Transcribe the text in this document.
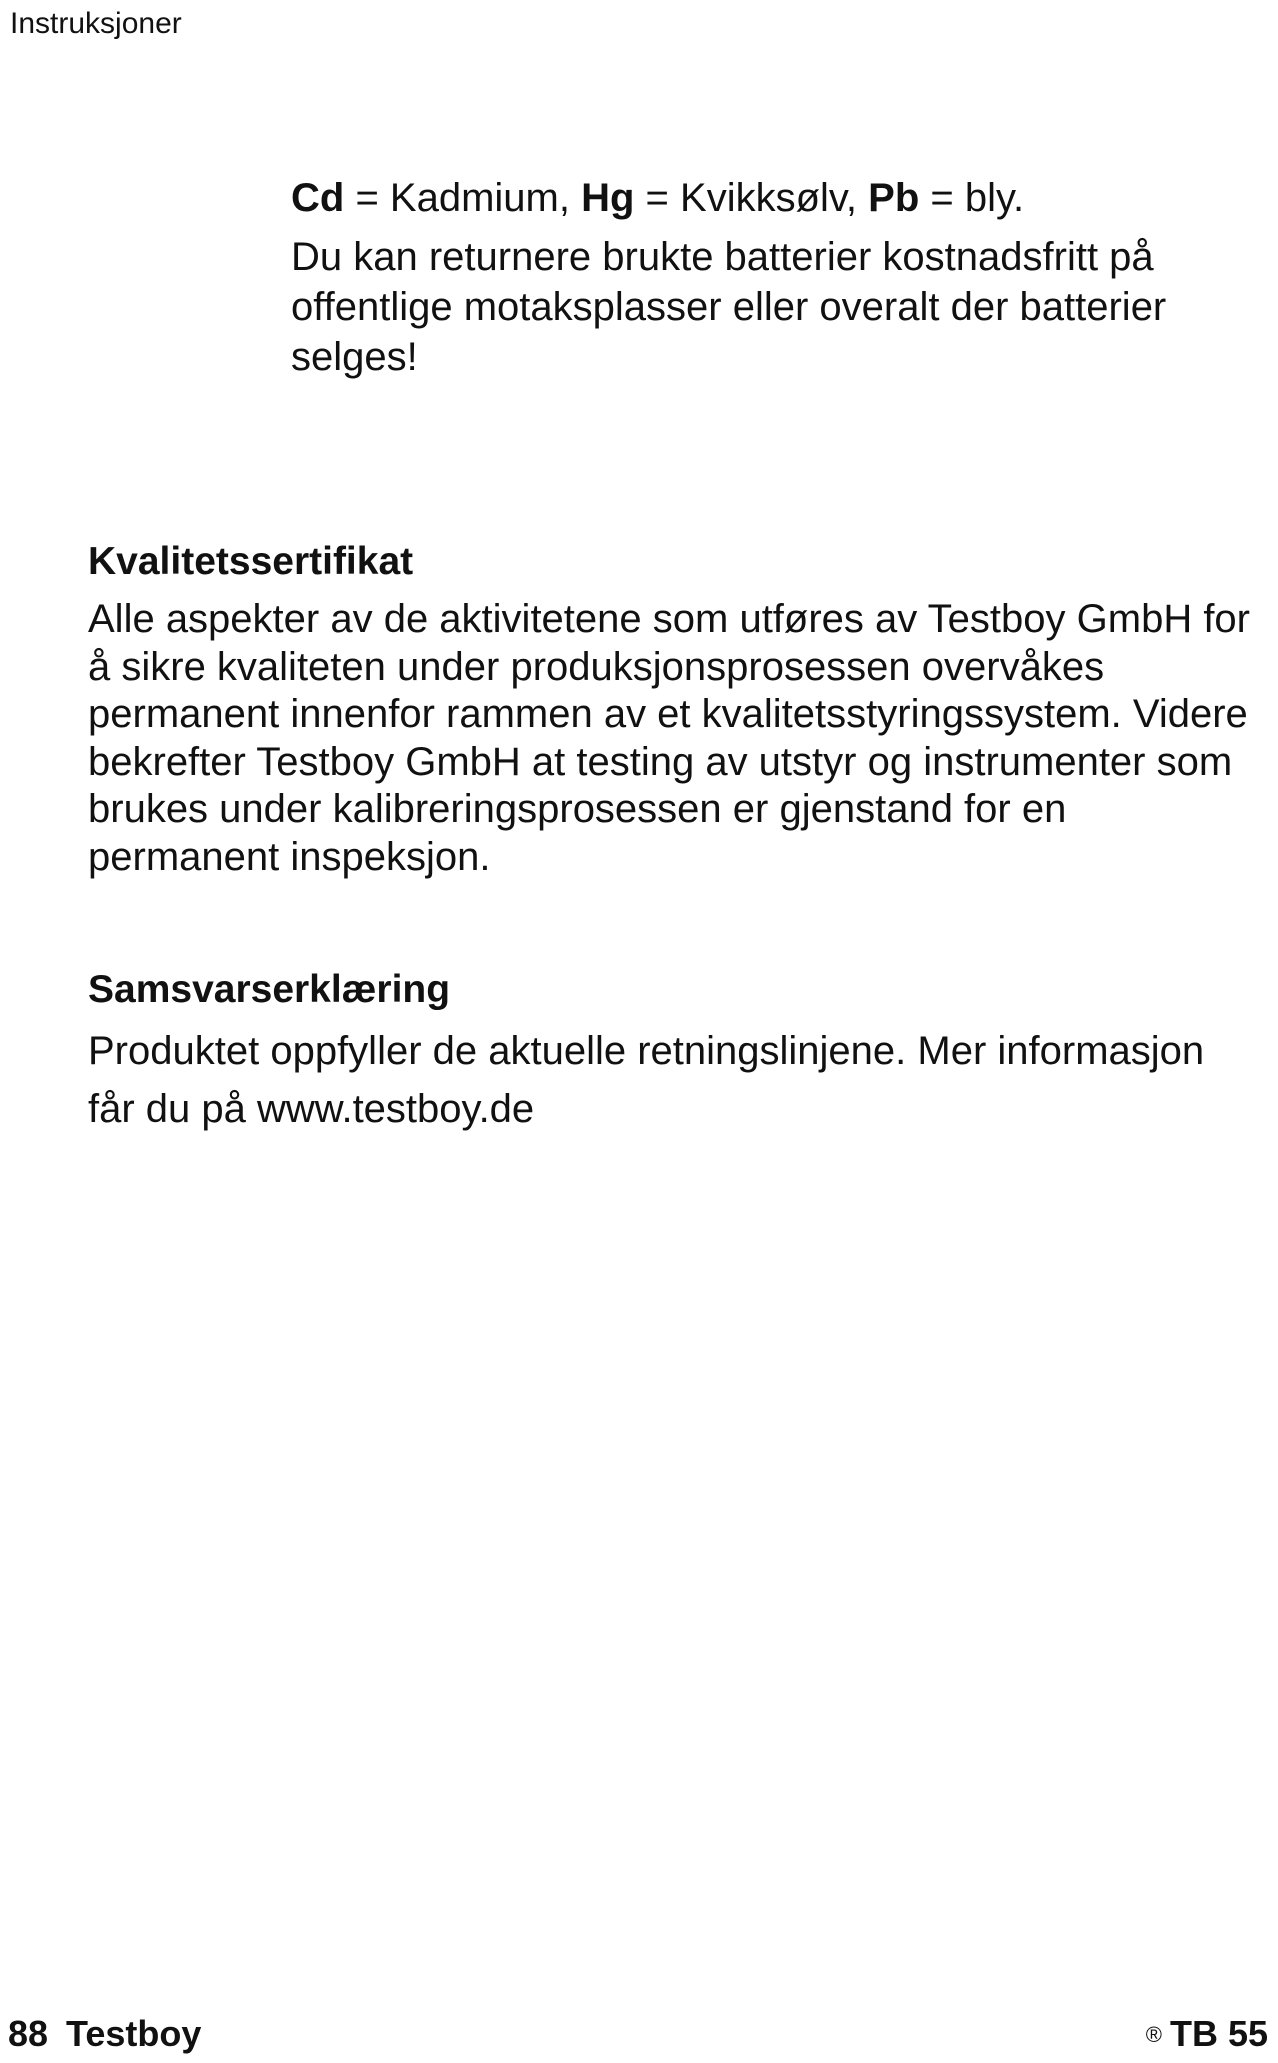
Instruksjoner

Cd = Kadmium, Hg = Kvikksølv, Pb = bly.

Du kan returnere brukte batterier kostnadsfritt på offentlige motaksplasser eller overalt der batterier selges!

Kvalitetssertifikat

Alle aspekter av de aktivitetene som utføres av Testboy GmbH for å sikre kvaliteten under produksjonsprosessen overvåkes permanent innenfor rammen av et kvalitetsstyringssystem. Videre bekrefter Testboy GmbH at testing av utstyr og instrumenter som brukes under kalibreringsprosessen er gjenstand for en permanent inspeksjon.

Samsvarserklæring

Produktet oppfyller de aktuelle retningslinjene. Mer informasjon får du på www.testboy.de

88 Testboy	® TB 55
